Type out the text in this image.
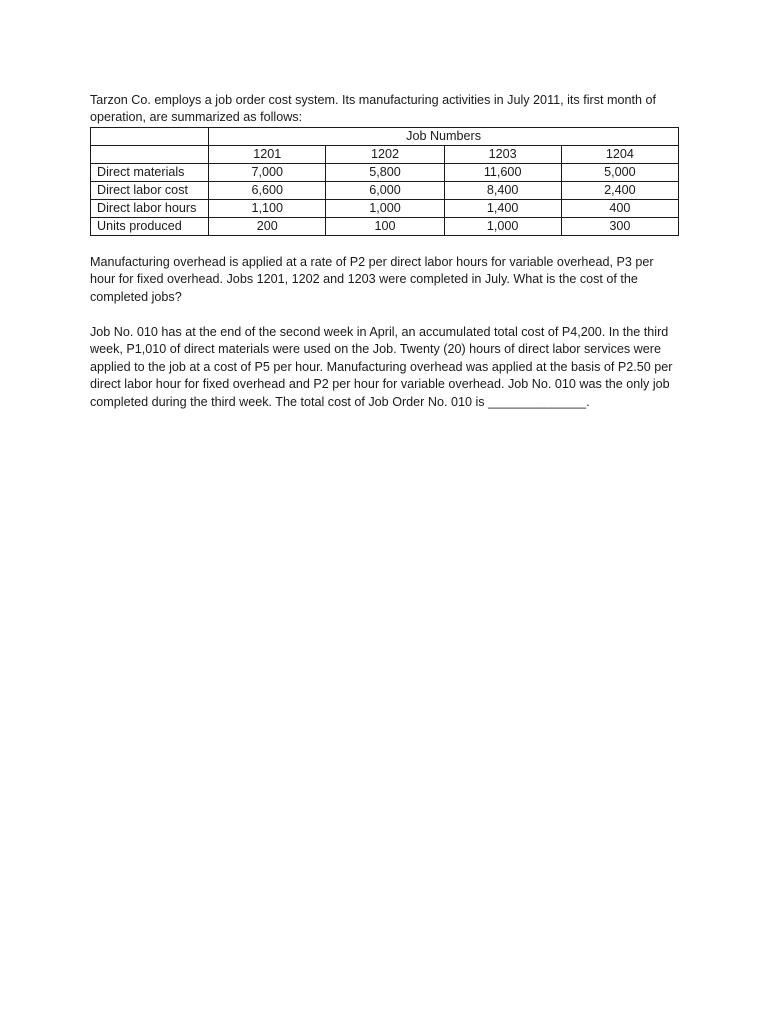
Tarzon Co. employs a job order cost system. Its manufacturing activities in July 2011, its first month of operation, are summarized as follows:

	Job Numbers			
	1201	1202	1203	1204
Direct materials	7,000	5,800	11,600	5,000
Direct labor cost	6,600	6,000	8,400	2,400
Direct labor hours	1,100	1,000	1,400	400
Units produced	200	100	1,000	300

Manufacturing overhead is applied at a rate of P2 per direct labor hours for variable overhead, P3 per hour for fixed overhead. Jobs 1201, 1202 and 1203 were completed in July. What is the cost of the completed jobs?

Job No. 010 has at the end of the second week in April, an accumulated total cost of P4,200. In the third week, P1,010 of direct materials were used on the Job. Twenty (20) hours of direct labor services were applied to the job at a cost of P5 per hour. Manufacturing overhead was applied at the basis of P2.50 per direct labor hour for fixed overhead and P2 per hour for variable overhead. Job No. 010 was the only job completed during the third week. The total cost of Job Order No. 010 is ______________.
